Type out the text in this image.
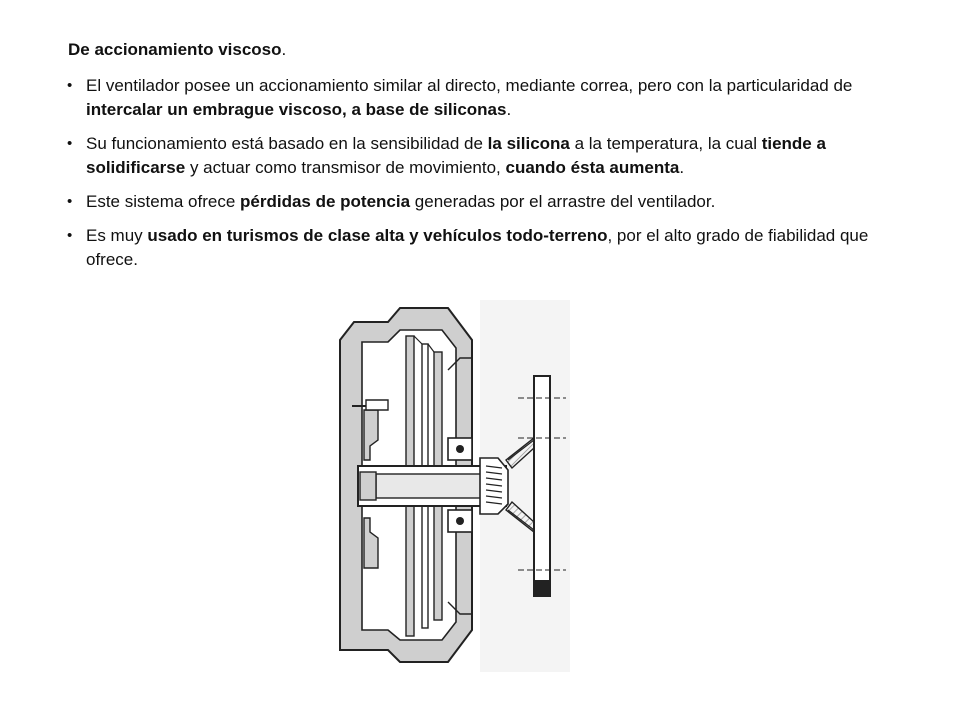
De accionamiento viscoso.
• El ventilador posee un accionamiento similar al directo, mediante correa, pero con la particularidad de intercalar un embrague viscoso, a base de siliconas.
• Su funcionamiento está basado en la sensibilidad de la silicona a la temperatura, la cual tiende a solidificarse y actuar como transmisor de movimiento, cuando ésta aumenta.
• Este sistema ofrece pérdidas de potencia generadas por el arrastre del ventilador.
• Es muy usado en turismos de clase alta y vehículos todo-terreno, por el alto grado de fiabilidad que ofrece.
